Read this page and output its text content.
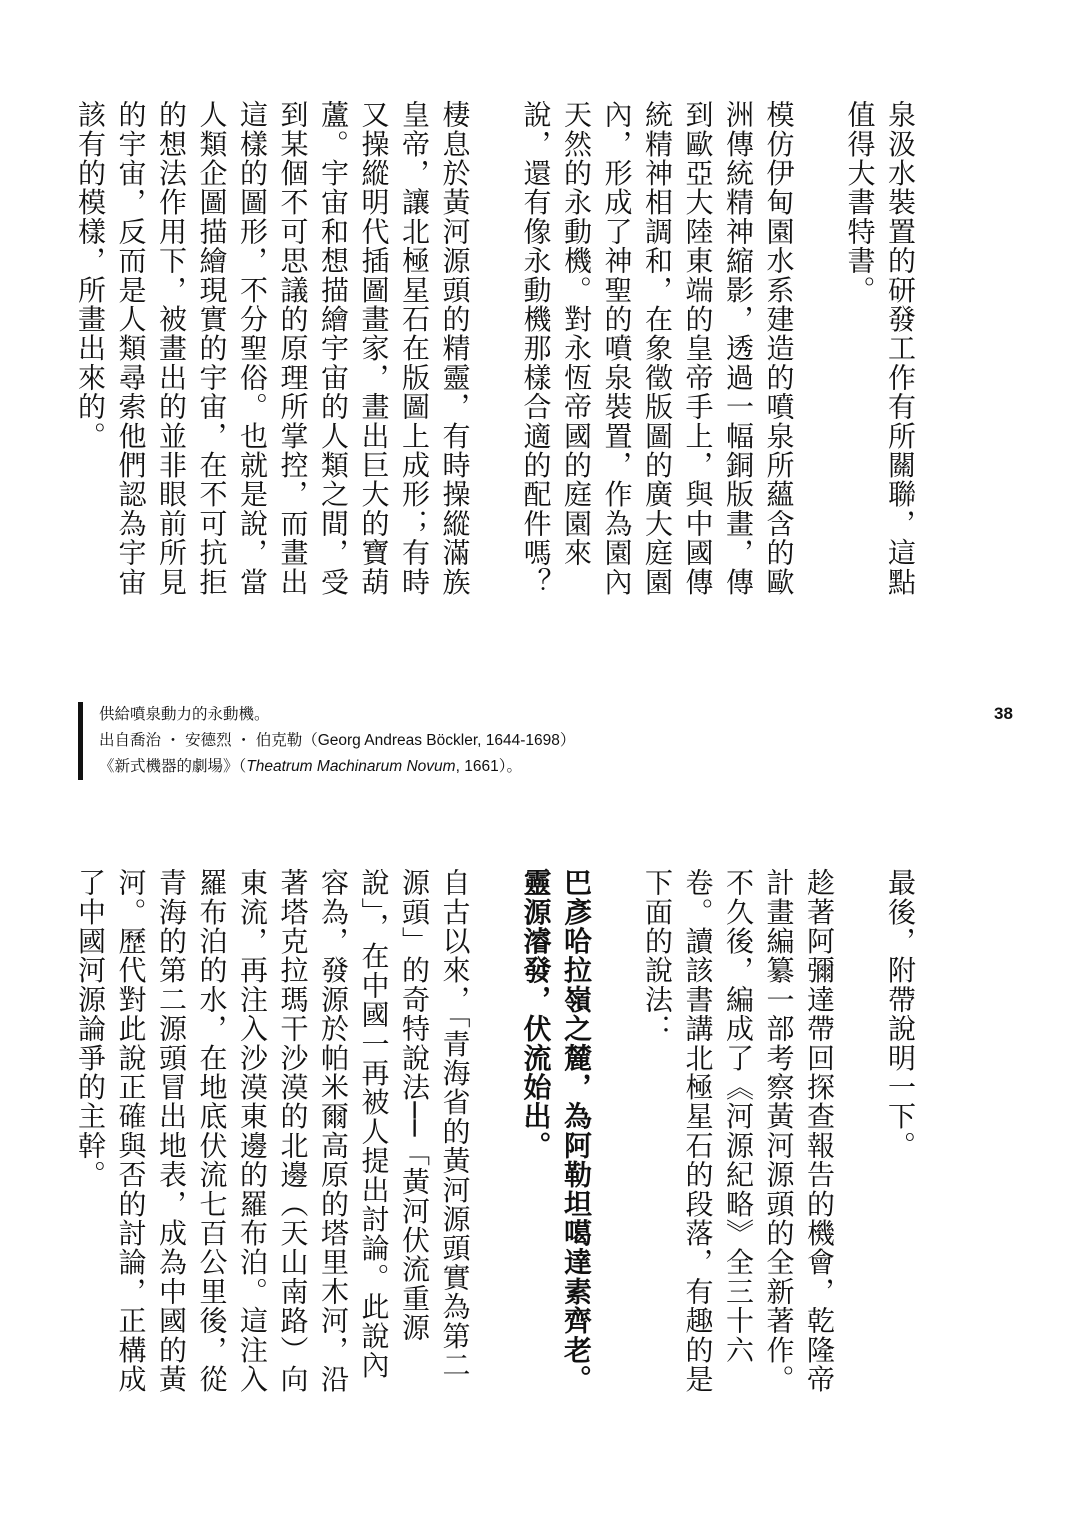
泉汲水裝置的研發工作有所關聯，這點值得大書特書。

模仿伊甸園水系建造的噴泉所蘊含的歐洲傳統精神縮影，透過一幅銅版畫，傳到歐亞大陸東端的皇帝手上，與中國傳統精神相調和，在象徵版圖的廣大庭園內，形成了神聖的噴泉裝置，作為園內天然的永動機。對永恆帝國的庭園來說，還有像永動機那樣合適的配件嗎？

棲息於黃河源頭的精靈，有時操縱滿族皇帝，讓北極星石在版圖上成形；有時又操縱明代插圖畫家，畫出巨大的寶葫蘆。宇宙和想描繪宇宙的人類之間，受到某個不可思議的原理所掌控，而畫出這樣的圖形，不分聖俗。也就是說，當人類企圖描繪現實的宇宙，在不可抗拒的想法作用下，被畫出的並非眼前所見的宇宙，反而是人類尋索他們認為宇宙該有的模樣，所畫出來的。

供給噴泉動力的永動機。
出自喬治 ・ 安德烈 ・ 伯克勒（Georg Andreas Böckler, 1644-1698）
《新式機器的劇場》（Theatrum Machinarum Novum, 1661）。
38

最後，附帶說明一下。

趁著阿彌達帶回探查報告的機會，乾隆帝計畫編纂一部考察黃河源頭的全新著作。不久後，編成了《河源紀略》全三十六卷。讀該書講北極星石的段落，有趣的是下面的說法：

巴彥哈拉嶺之麓，為阿勒坦噶達素齊老。靈源濬發，伏流始出。

自古以來，「青海省的黃河源頭實為第二源頭」的奇特說法──「黃河伏流重源說」，在中國一再被人提出討論。此說內容為，發源於帕米爾高原的塔里木河，沿著塔克拉瑪干沙漠的北邊（天山南路）向東流，再注入沙漠東邊的羅布泊。這注入羅布泊的水，在地底伏流七百公里後，從青海的第二源頭冒出地表，成為中國的黃河。歷代對此說正確與否的討論，正構成了中國河源論爭的主幹。
